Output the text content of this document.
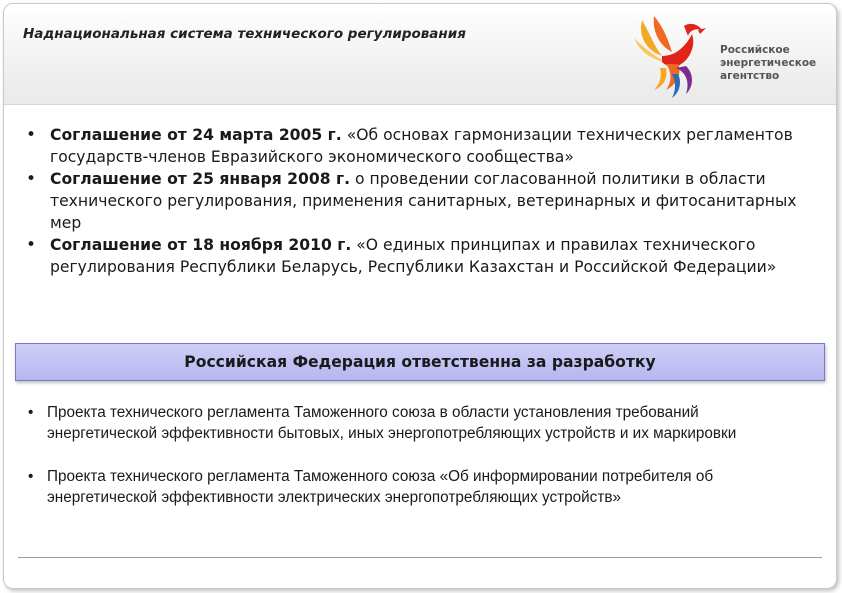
Наднациональная система технического регулирования
Российское
энергетическое
агентство
• Соглашение от 24 марта 2005 г. «Об основах гармонизации технических регламентов государств-членов Евразийского экономического сообщества»
• Соглашение от 25 января 2008 г. о проведении согласованной политики в области технического регулирования, применения санитарных, ветеринарных и фитосанитарных мер
• Соглашение от 18 ноября 2010 г. «О единых принципах и правилах технического регулирования Республики Беларусь, Республики Казахстан и Российской Федерации»
Российская Федерация ответственна за разработку
• Проекта технического регламента Таможенного союза в области установления требований энергетической эффективности бытовых, иных энергопотребляющих устройств и их маркировки
• Проекта технического регламента Таможенного союза «Об информировании потребителя об энергетической эффективности электрических энергопотребляющих устройств»
